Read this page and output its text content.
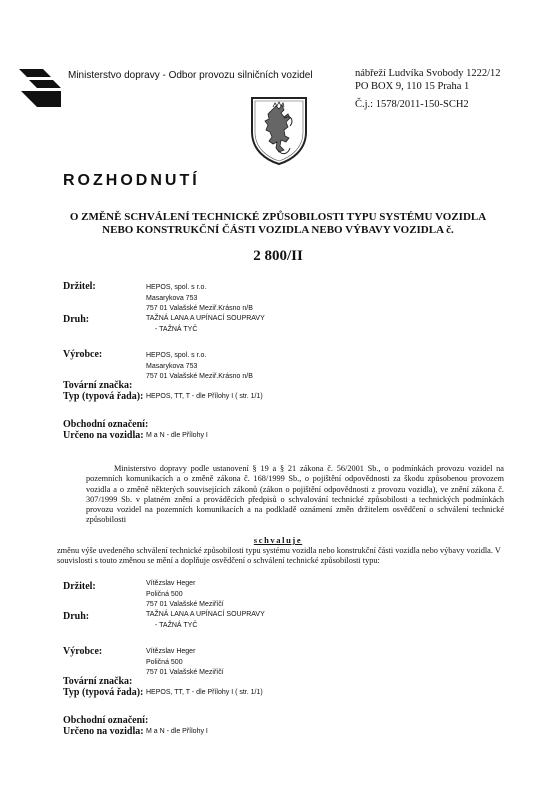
Ministerstvo dopravy - Odbor provozu silničních vozidel	nábřeží Ludvíka Svobody 1222/12
PO BOX 9, 110 15 Praha 1
Č.j.: 1578/2011-150-SCH2
ROZHODNUTÍ
O ZMĚNĚ SCHVÁLENÍ TECHNICKÉ ZPŮSOBILOSTI TYPU SYSTÉMU VOZIDLA
NEBO KONSTRUKČNÍ ČÁSTI VOZIDLA NEBO VÝBAVY VOZIDLA č.
2 800/II
Držitel:	HEPOS, spol. s r.o.
Masarykova 753
757 01 Valašské Meziř.Krásno n/B
Druh:	TAŽNÁ LANA A UPÍNACÍ SOUPRAVY
- TAŽNÁ TYČ
Výrobce:	HEPOS, spol. s r.o.
Masarykova 753
757 01 Valašské Meziř.Krásno n/B
Tovární značka:
Typ (typová řada): HEPOS, TT, T - dle Přílohy I ( str. 1/1)
Obchodní označení:
Určeno na vozidla: M a N - dle Přílohy I
Ministerstvo dopravy podle ustanovení § 19 a § 21 zákona č. 56/2001 Sb., o podmínkách provozu vozidel na pozemních komunikacích a o změně zákona č. 168/1999 Sb., o pojištění odpovědnosti za škodu způsobenou provozem vozidla a o změně některých souvisejících zákonů (zákon o pojištění odpovědnosti z provozu vozidla), ve znění zákona č. 307/1999 Sb. v platném znění a prováděcích předpisů o schvalování technické způsobilosti a technických podmínkách provozu vozidel na pozemních komunikacích a na podkladě oznámení změn držitelem osvědčení o schválení technické způsobilosti
schvaluje
změnu výše uvedeného schválení technické způsobilosti typu systému vozidla nebo konstrukční části vozidla nebo výbavy vozidla. V souvislosti s touto změnou se mění a doplňuje osvědčení o schválení technické způsobilosti typu:
Držitel:	Vítězslav Heger
Poličná 500
757 01 Valašské Meziříčí
Druh:	TAŽNÁ LANA A UPÍNACÍ SOUPRAVY
- TAŽNÁ TYČ
Výrobce:	Vítězslav Heger
Poličná 500
757 01 Valašské Meziříčí
Tovární značka:
Typ (typová řada): HEPOS, TT, T - dle Přílohy I ( str. 1/1)
Obchodní označení:
Určeno na vozidla: M a N - dle Přílohy I
